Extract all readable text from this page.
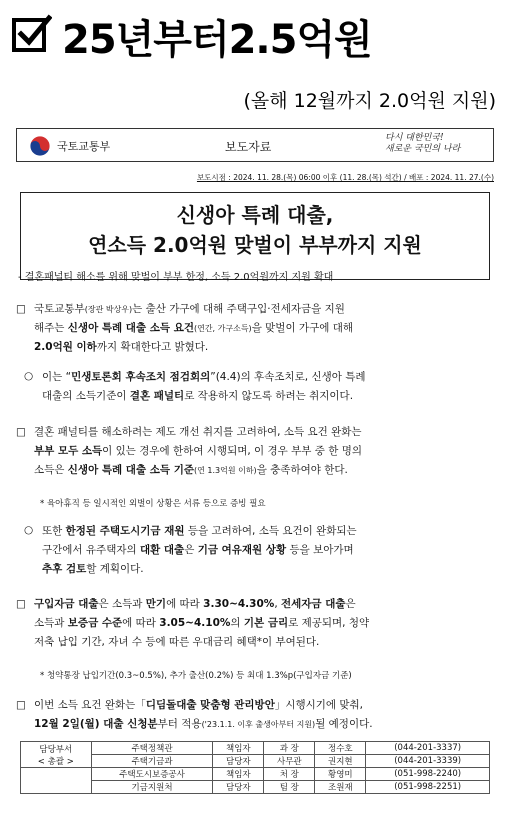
25년부터2.5억원
(올해 12월까지 2.0억원 지원)
국토교통부	보도자료
다시 대한민국!
새로운 국민의 나라
보도시점 : 2024. 11. 28.(목) 06:00 이후 (11. 28.(목) 석간) / 배포 : 2024. 11. 27.(수)
신생아 특례 대출,
연소득 2.0억원 맞벌이 부부까지 지원
- 결혼패널티 해소를 위해 맞벌이 부부 한정, 소득 2.0억원까지 지원 확대
□ 국토교통부(장관 박상우)는 출산 가구에 대해 주택구입·전세자금을 지원
해주는 신생아 특례 대출 소득 요건(연간, 가구소득)을 맞벌이 가구에 대해
2.0억원 이하까지 확대한다고 밝혔다.
○ 이는 “민생토론회 후속조치 점검회의”(4.4)의 후속조치로, 신생아 특례
대출의 소득기준이 결혼 패널티로 작용하지 않도록 하려는 취지이다.
□ 결혼 패널티를 해소하려는 제도 개선 취지를 고려하여, 소득 요건 완화는
부부 모두 소득이 있는 경우에 한하여 시행되며, 이 경우 부부 중 한 명의
소득은 신생아 특례 대출 소득 기준(연 1.3억원 이하)을 충족하여야 한다.
* 육아휴직 등 일시적인 외벌이 상황은 서류 등으로 증빙 필요
○ 또한 한정된 주택도시기금 재원 등을 고려하여, 소득 요건이 완화되는
구간에서 유주택자의 대환 대출은 기금 여유재원 상황 등을 보아가며
추후 검토할 계획이다.
□ 구입자금 대출은 소득과 만기에 따라 3.30~4.30%, 전세자금 대출은
소득과 보증금 수준에 따라 3.05~4.10%의 기본 금리로 제공되며, 청약
저축 납입 기간, 자녀 수 등에 따른 우대금리 혜택*이 부여된다.
* 청약통장 납입기간(0.3~0.5%), 추가 출산(0.2%) 등 최대 1.3%p(구입자금 기준)
□ 이번 소득 요건 완화는「디딤돌대출 맞춤형 관리방안」시행시기에 맞춰,
12월 2일(월) 대출 신청분부터 적용('23.1.1. 이후 출생아부터 지원)될 예정이다.
담당부서
< 총괄 >	주택정책관	책임자	과 장	정수호	(044-201-3337)
	주택기금과	담당자	사무관	권지현	(044-201-3339)
	주택도시보증공사	책임자	처 장	황영미	(051-998-2240)
	기금지원처	담당자	팀 장	조원재	(051-998-2251)
